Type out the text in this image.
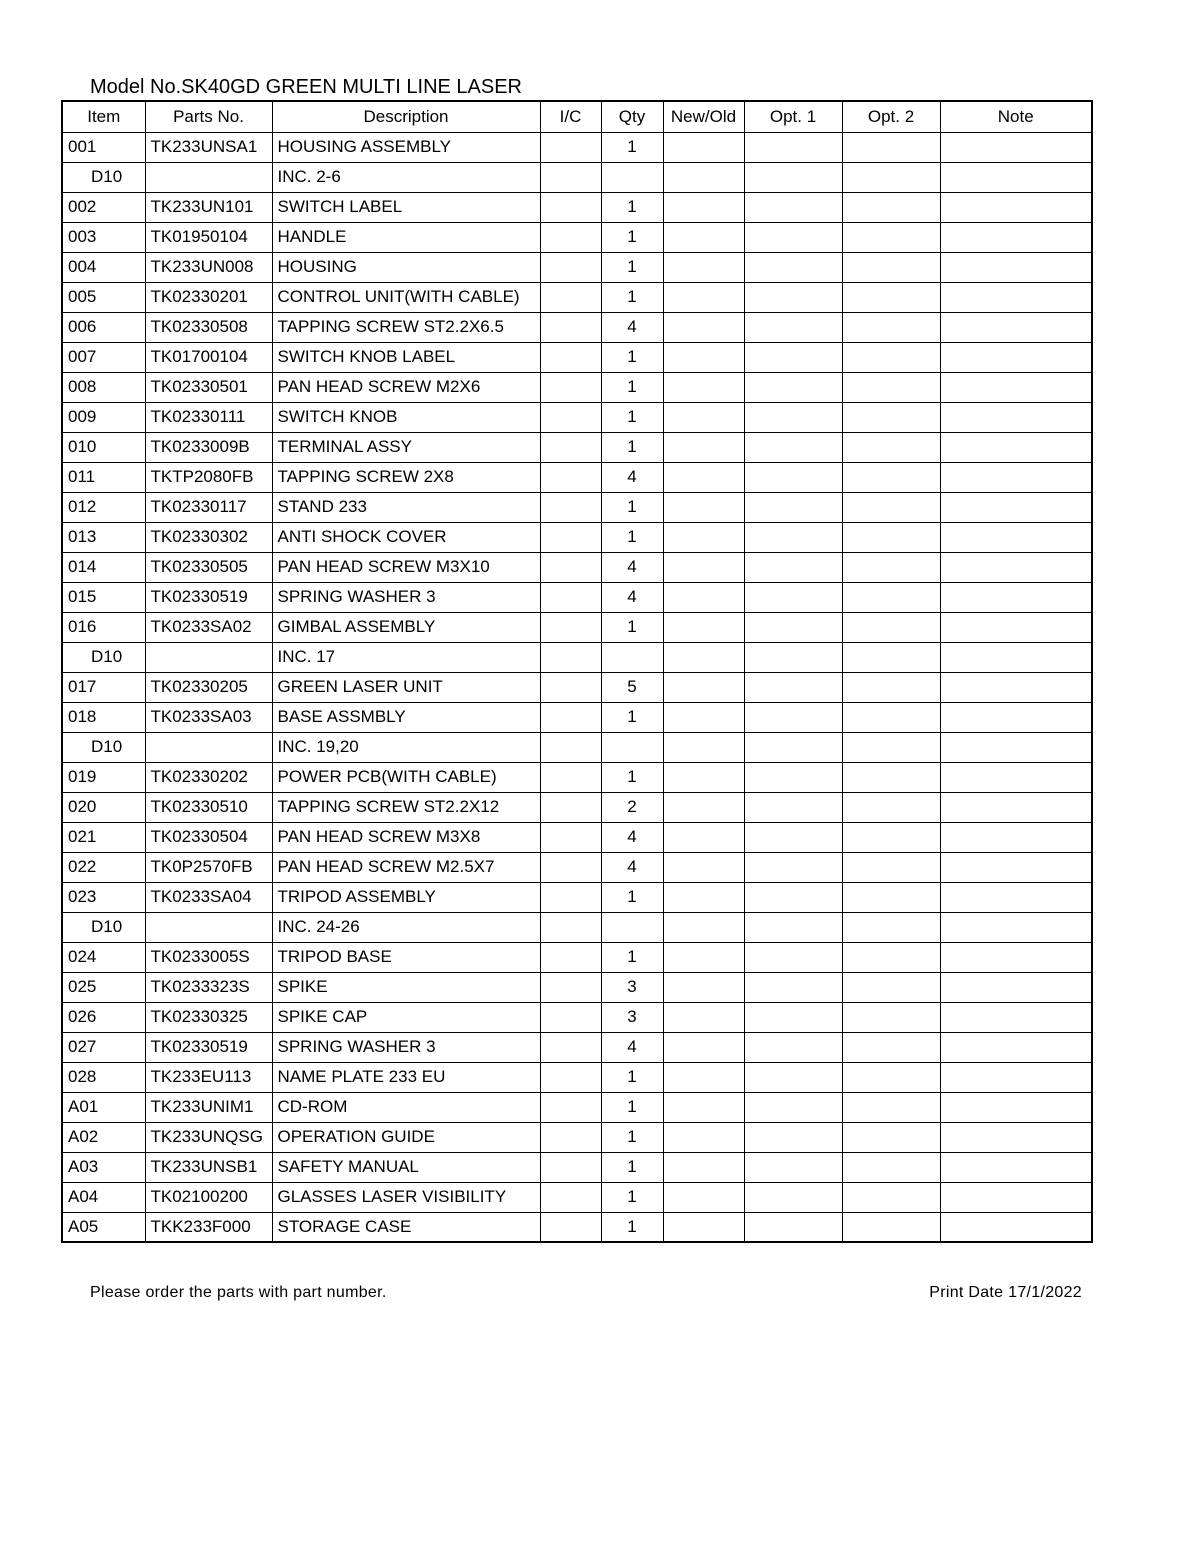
Model No.SK40GD GREEN MULTI LINE LASER
Item	Parts No.	Description	I/C	Qty	New/Old	Opt. 1	Opt. 2	Note
001	TK233UNSA1	HOUSING ASSEMBLY		1				
D10		INC. 2-6						
002	TK233UN101	SWITCH LABEL		1				
003	TK01950104	HANDLE		1				
004	TK233UN008	HOUSING		1				
005	TK02330201	CONTROL UNIT(WITH CABLE)		1				
006	TK02330508	TAPPING SCREW ST2.2X6.5		4				
007	TK01700104	SWITCH KNOB LABEL		1				
008	TK02330501	PAN HEAD SCREW M2X6		1				
009	TK02330111	SWITCH KNOB		1				
010	TK0233009B	TERMINAL ASSY		1				
011	TKTP2080FB	TAPPING SCREW 2X8		4				
012	TK02330117	STAND 233		1				
013	TK02330302	ANTI SHOCK COVER		1				
014	TK02330505	PAN HEAD SCREW M3X10		4				
015	TK02330519	SPRING WASHER 3		4				
016	TK0233SA02	GIMBAL ASSEMBLY		1				
D10		INC. 17						
017	TK02330205	GREEN LASER UNIT		5				
018	TK0233SA03	BASE ASSMBLY		1				
D10		INC. 19,20						
019	TK02330202	POWER PCB(WITH CABLE)		1				
020	TK02330510	TAPPING SCREW ST2.2X12		2				
021	TK02330504	PAN HEAD SCREW M3X8		4				
022	TK0P2570FB	PAN HEAD SCREW M2.5X7		4				
023	TK0233SA04	TRIPOD ASSEMBLY		1				
D10		INC. 24-26						
024	TK0233005S	TRIPOD BASE		1				
025	TK0233323S	SPIKE		3				
026	TK02330325	SPIKE CAP		3				
027	TK02330519	SPRING WASHER 3		4				
028	TK233EU113	NAME PLATE 233 EU		1				
A01	TK233UNIM1	CD-ROM		1				
A02	TK233UNQSG	OPERATION GUIDE		1				
A03	TK233UNSB1	SAFETY MANUAL		1				
A04	TK02100200	GLASSES LASER VISIBILITY		1				
A05	TKK233F000	STORAGE CASE		1				
Please order the parts with part number.	Print Date 17/1/2022
